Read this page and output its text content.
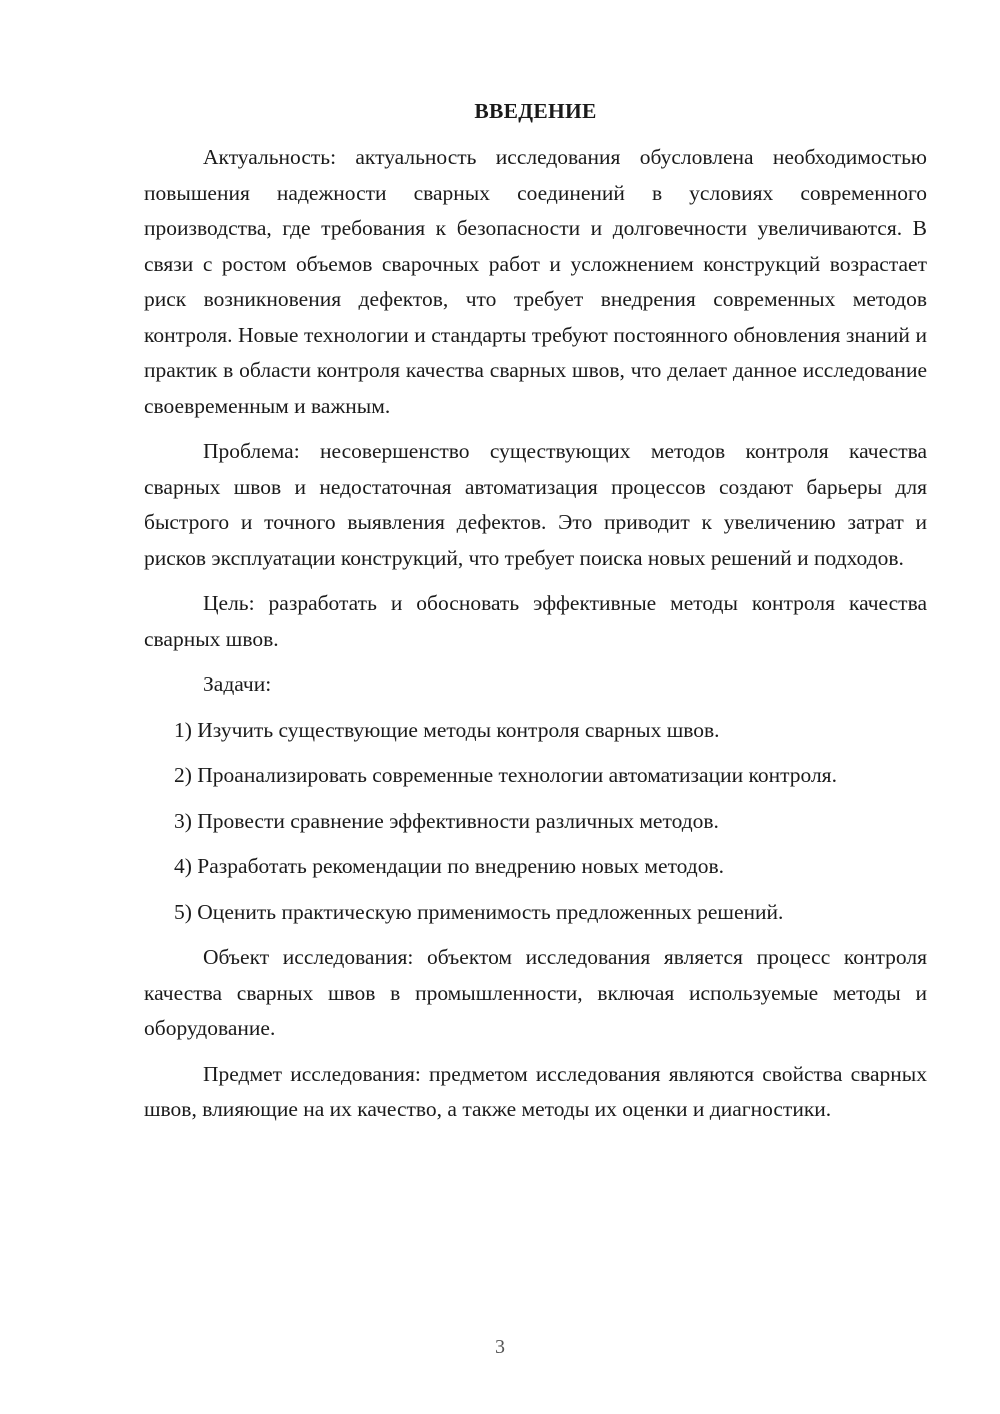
ВВЕДЕНИЕ

Актуальность: актуальность исследования обусловлена необходимостью повышения надежности сварных соединений в условиях современного производства, где требования к безопасности и долговечности увеличиваются. В связи с ростом объемов сварочных работ и усложнением конструкций возрастает риск возникновения дефектов, что требует внедрения современных методов контроля. Новые технологии и стандарты требуют постоянного обновления знаний и практик в области контроля качества сварных швов, что делает данное исследование своевременным и важным.

Проблема: несовершенство существующих методов контроля качества сварных швов и недостаточная автоматизация процессов создают барьеры для быстрого и точного выявления дефектов. Это приводит к увеличению затрат и рисков эксплуатации конструкций, что требует поиска новых решений и подходов.

Цель: разработать и обосновать эффективные методы контроля качества сварных швов.

Задачи:

1) Изучить существующие методы контроля сварных швов.

2) Проанализировать современные технологии автоматизации контроля.

3) Провести сравнение эффективности различных методов.

4) Разработать рекомендации по внедрению новых методов.

5) Оценить практическую применимость предложенных решений.

Объект исследования: объектом исследования является процесс контроля качества сварных швов в промышленности, включая используемые методы и оборудование.

Предмет исследования: предметом исследования являются свойства сварных швов, влияющие на их качество, а также методы их оценки и диагностики.

3
